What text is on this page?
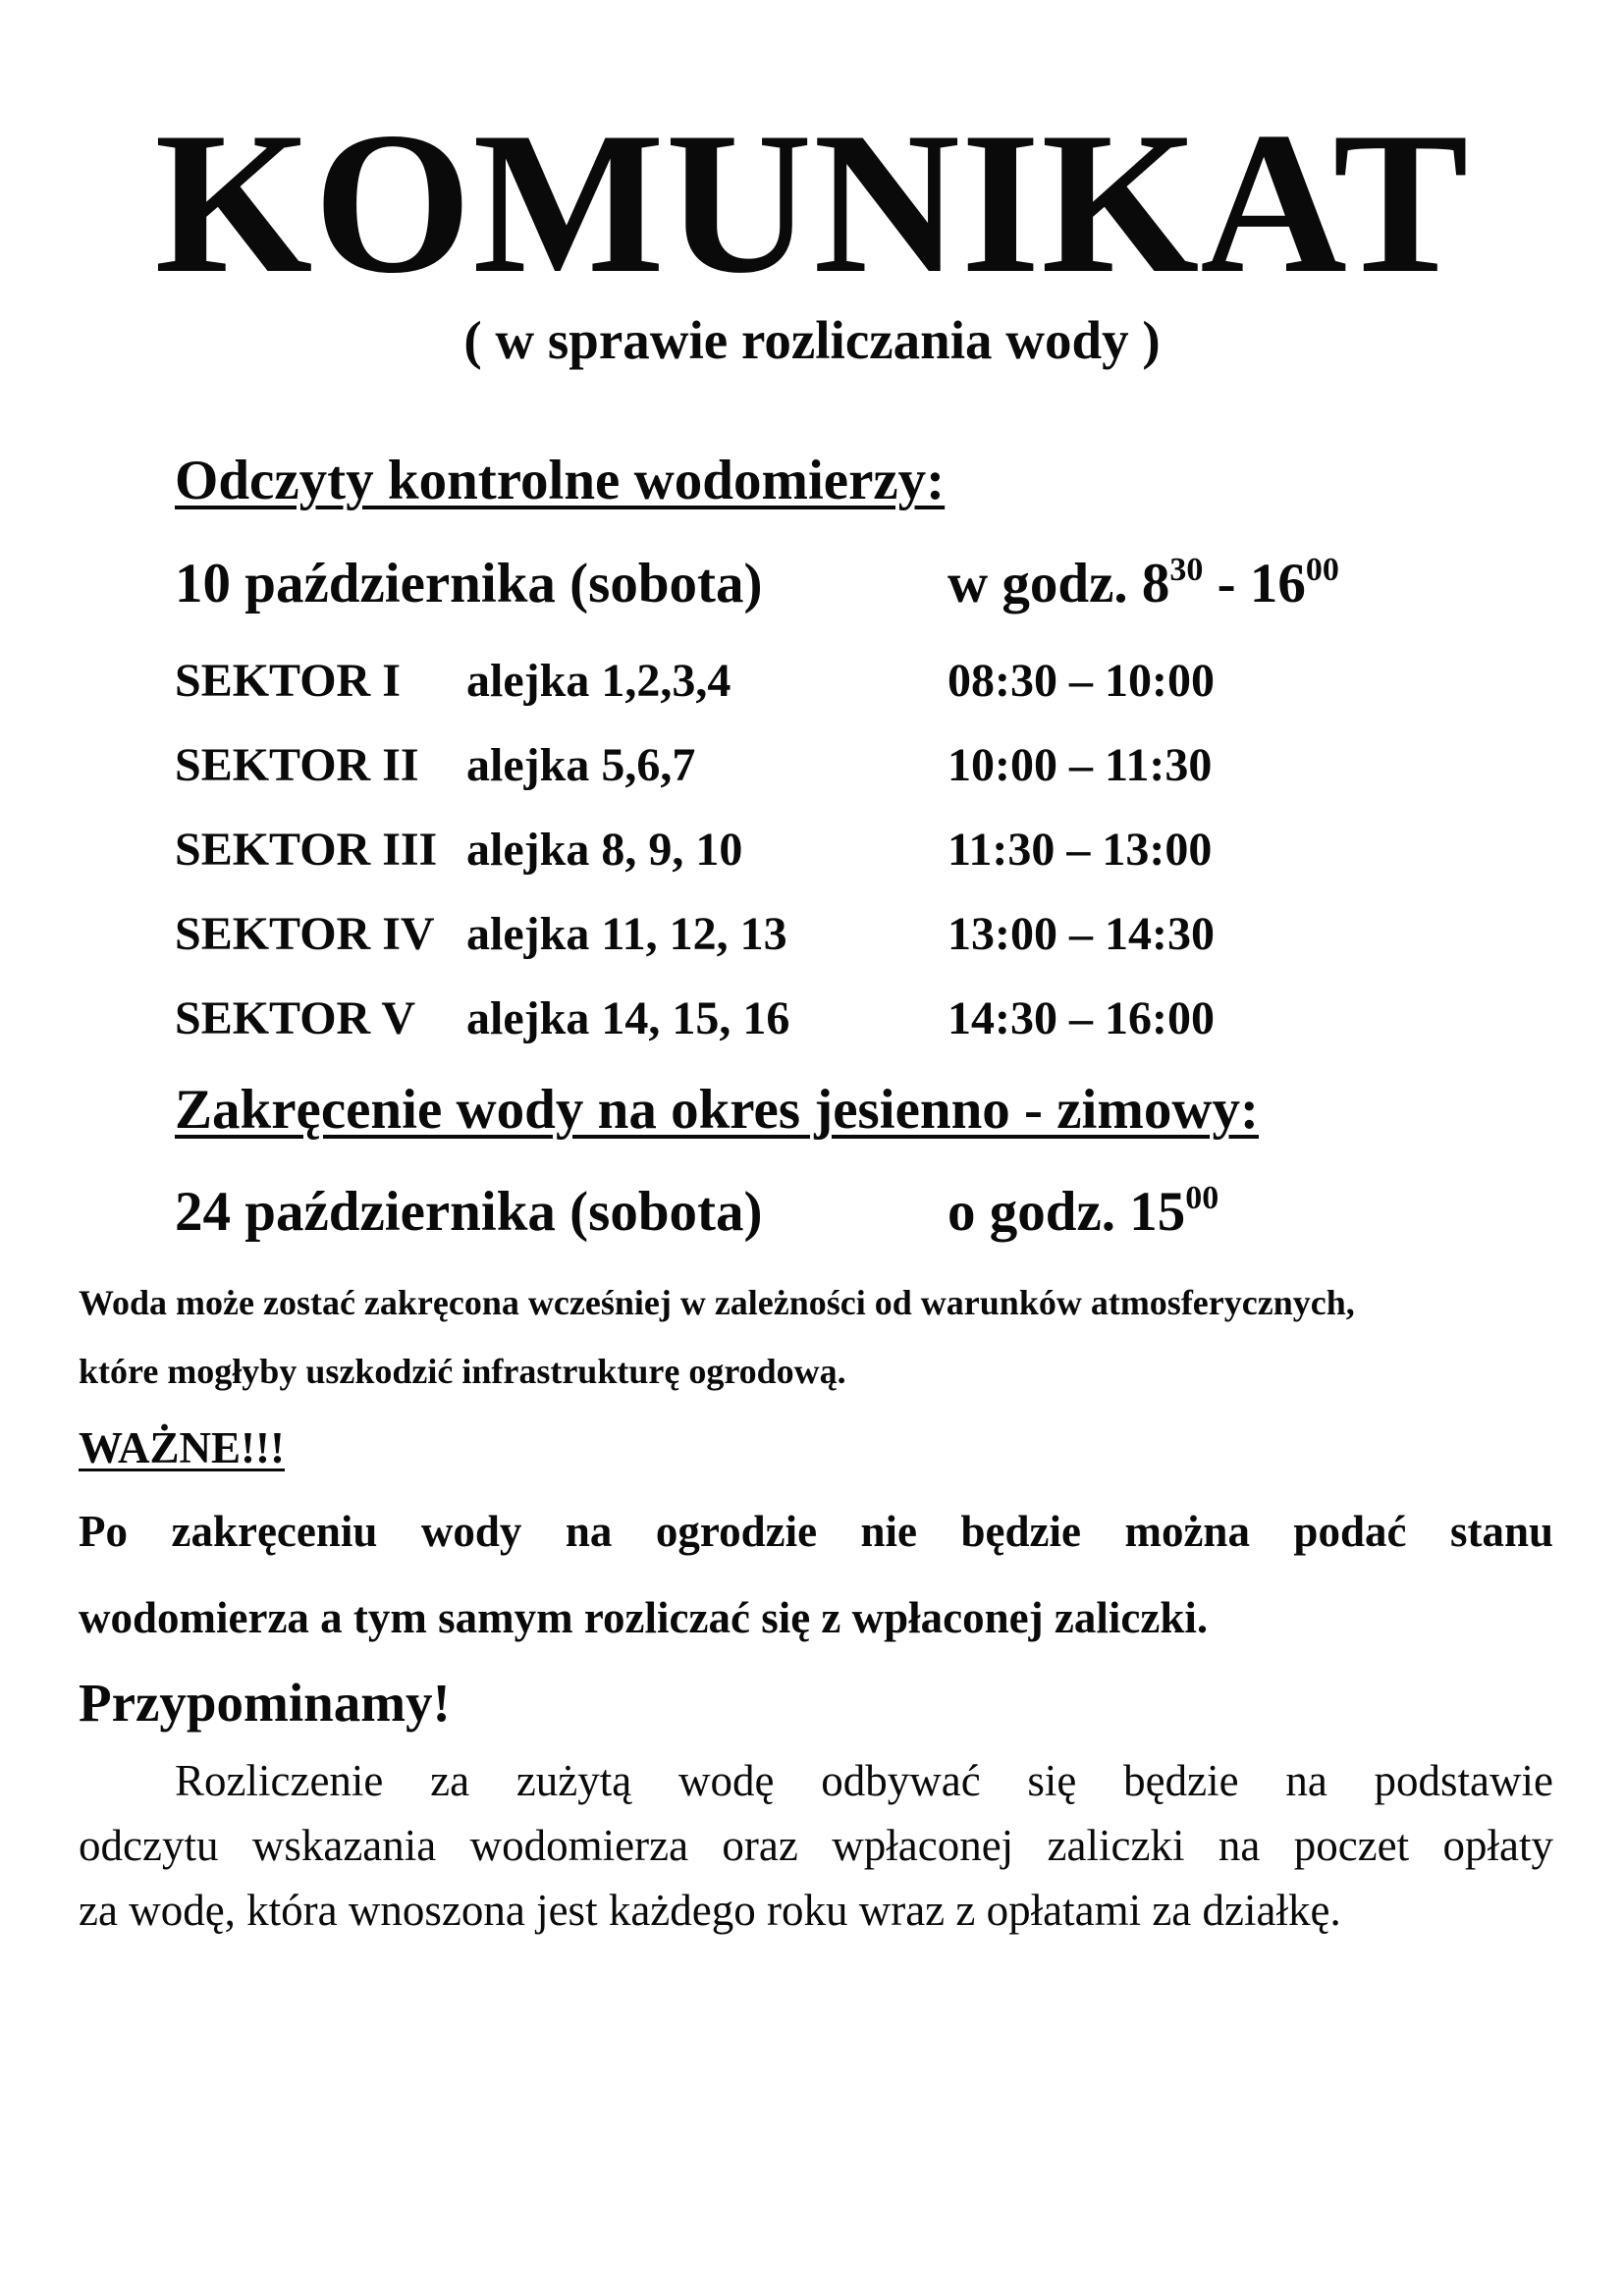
KOMUNIKAT
( w sprawie rozliczania wody )
Odczyty kontrolne wodomierzy:
10 października (sobota)	w godz. $8^{30} - 16^{00}$
SEKTOR I alejka 1,2,3,4	08:30 – 10:00
SEKTOR II alejka 5,6,7	10:00 – 11:30
SEKTOR III alejka 8, 9, 10	11:30 – 13:00
SEKTOR IV alejka 11, 12, 13	13:00 – 14:30
SEKTOR V alejka 14, 15, 16	14:30 – 16:00
Zakręcenie wody na okres jesienno - zimowy:
24 października (sobota)	o godz. $15^{00}$
Woda może zostać zakręcona wcześniej w zależności od warunków atmosferycznych,
które mogłyby uszkodzić infrastrukturę ogrodową.
WAŻNE!!!
Po zakręceniu wody na ogrodzie nie będzie można podać stanu
wodomierza a tym samym rozliczać się z wpłaconej zaliczki.
Przypominamy!
Rozliczenie za zużytą wodę odbywać się będzie na podstawie
odczytu wskazania wodomierza oraz wpłaconej zaliczki na poczet opłaty
za wodę, która wnoszona jest każdego roku wraz z opłatami za działkę.
